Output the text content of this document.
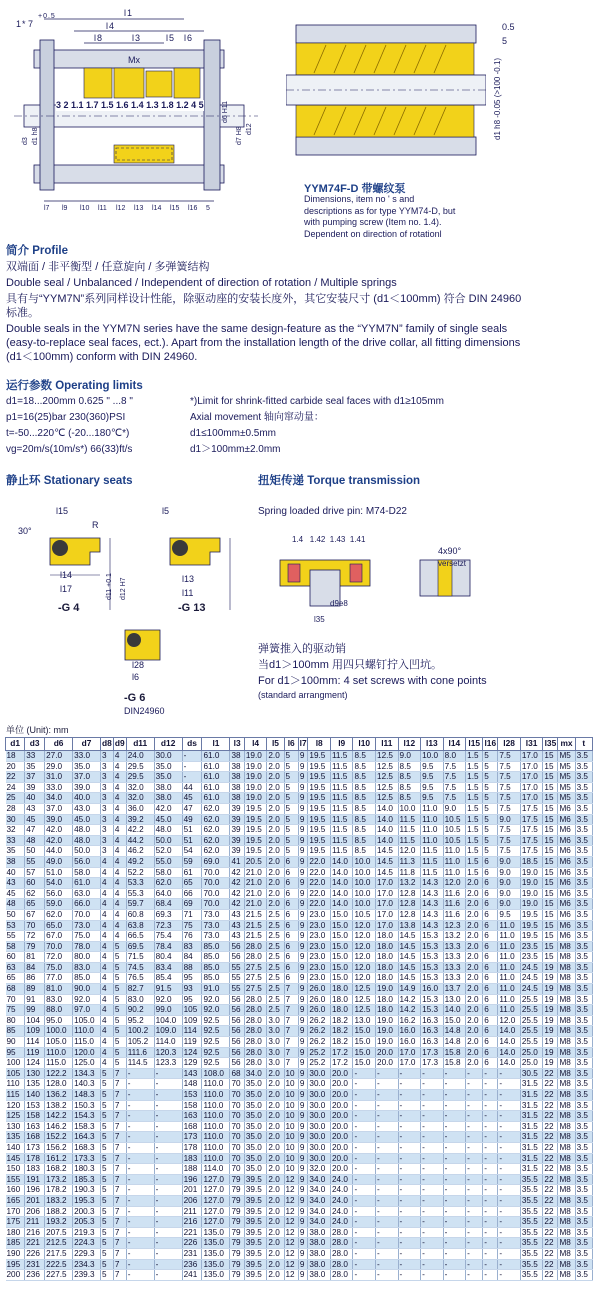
l1
7
+0.5
l4
l3
l8	l5 l6
1*
Mx
3 2 1.1 1.7 1.5 1.6 1.4 1.3 1.8 1.2 4 5	d6 H11
d3 d1 h8	d7 H8 d12
l7 l9 l10 l11 l12 l13 l14 l15 l16 5
0.5
5
d1 h8 -0.05 (>100 -0.1)
YYM74F-D 带螺纹泵
Dimensions, item no ' s and descriptions as for type YYM74-D, but with pumping screw (Item no. 1.4). Dependent on direction of rotationl
简介 Profile
双端面 / 非平衡型 / 任意旋向 / 多弹簧结构
Double seal / Unbalanced / Independent of direction of rotation / Multiple springs
具有与“YYM7N”系列同样设计性能，除驱动座的安装长度外，其它安装尺寸 (d1＜100mm) 符合 DIN 24960 标准。
Double seals in the YYM7N series have the same design-feature as the “YYM7N” family of single seals (easy-to-replace seal faces, ect.). Apart from the installation length of the drive collar, all fitting dimensions (d1＜100mm) conform with DIN 24960.
运行参数 Operating limits
d1=18...200mm 0.625 " ...8 "
p1=16(25)bar 230(360)PSI
t=-50...220℃ (-20...180℃*)
vg=20m/s(10m/s*) 66(33)ft/s
*)Limit for shrink-fitted carbide seal faces with d1≥105mm
Axial movement 轴向窜动量：
d1≤100mm±0.5mm
d1＞100mm±2.0mm
静止环 Stationary seats
l15
R
30°
l14
l17	d11 +0.1 d12 H7	l13
l11
l28
l6
l5
-G 4	-G 13
-G 6
DIN24960
扭矩传递 Torque transmission
Spring loaded drive pin: M74-D22
1.4   1.42  1.43  1.41
d9e8
l35
4x90°
versetzt
弹簧推入的驱动销
当d1＞100mm 用四只螺钉拧入凹坑。
For d1＞100mm: 4 set screws with cone points
(standard arrangment)
单位 (Unit): mm
d1	d3	d6	d7	d8	d9	d11	d12	ds	l1	l3	l4	l5	l6	l7	l8	l9	l10	l11	l12	l13	l14	l15	l16	l28	l31	l35	mx	t
18	33	27.0	33.0	3	4	24.0	30.0	-	61.0	38	19.0	2.0	5	9	19.5	11.5	8.5	12.5	9.0	10.0	8.0	1.5	5	7.5	17.0	15	M5	3.5
20	35	29.0	35.0	3	4	29.5	35.0	-	61.0	38	19.0	2.0	5	9	19.5	11.5	8.5	12.5	8.5	9.5	7.5	1.5	5	7.5	17.0	15	M5	3.5
22	37	31.0	37.0	3	4	29.5	35.0	-	61.0	38	19.0	2.0	5	9	19.5	11.5	8.5	12.5	8.5	9.5	7.5	1.5	5	7.5	17.0	15	M5	3.5
24	39	33.0	39.0	3	4	32.0	38.0	44	61.0	38	19.0	2.0	5	9	19.5	11.5	8.5	12.5	8.5	9.5	7.5	1.5	5	7.5	17.0	15	M5	3.5
25	40	34.0	40.0	3	4	32.0	38.0	45	61.0	38	19.0	2.0	5	9	19.5	11.5	8.5	12.5	8.5	9.5	7.5	1.5	5	7.5	17.0	15	M5	3.5
28	43	37.0	43.0	3	4	36.0	42.0	47	62.0	39	19.5	2.0	5	9	19.5	11.5	8.5	14.0	10.0	11.0	9.0	1.5	5	7.5	17.5	15	M6	3.5
30	45	39.0	45.0	3	4	39.2	45.0	49	62.0	39	19.5	2.0	5	9	19.5	11.5	8.5	14.0	11.5	11.0	10.5	1.5	5	9.0	17.5	15	M6	3.5
32	47	42.0	48.0	3	4	42.2	48.0	51	62.0	39	19.5	2.0	5	9	19.5	11.5	8.5	14.0	11.5	11.0	10.5	1.5	5	7.5	17.5	15	M6	3.5
33	48	42.0	48.0	3	4	44.2	50.0	51	62.0	39	19.5	2.0	5	9	19.5	11.5	8.5	14.0	11.5	11.0	10.5	1.5	5	7.5	17.5	15	M6	3.5
35	50	44.0	50.0	3	4	46.2	52.0	54	62.0	39	19.5	2.0	5	9	19.5	11.5	8.5	14.5	12.0	11.5	11.0	1.5	5	7.5	17.5	15	M6	3.5
38	55	49.0	56.0	4	4	49.2	55.0	59	69.0	41	20.5	2.0	6	9	22.0	14.0	10.0	14.5	11.3	11.5	11.0	1.5	6	9.0	18.5	15	M6	3.5
40	57	51.0	58.0	4	4	52.2	58.0	61	70.0	42	21.0	2.0	6	9	22.0	14.0	10.0	14.5	11.8	11.5	11.0	1.5	6	9.0	19.0	15	M6	3.5
43	60	54.0	61.0	4	4	53.3	62.0	65	70.0	42	21.0	2.0	6	9	22.0	14.0	10.0	17.0	13.2	14.3	12.0	2.0	6	9.0	19.0	15	M6	3.5
45	62	56.0	63.0	4	4	55.3	64.0	66	70.0	42	21.0	2.0	6	9	22.0	14.0	10.0	17.0	12.8	14.3	11.6	2.0	6	9.0	19.0	15	M6	3.5
48	65	59.0	66.0	4	4	59.7	68.4	69	70.0	42	21.0	2.0	6	9	22.0	14.0	10.0	17.0	12.8	14.3	11.6	2.0	6	9.0	19.0	15	M6	3.5
50	67	62.0	70.0	4	4	60.8	69.3	71	73.0	43	21.5	2.5	6	9	23.0	15.0	10.5	17.0	12.8	14.3	11.6	2.0	6	9.5	19.5	15	M6	3.5
53	70	65.0	73.0	4	4	63.8	72.3	75	73.0	43	21.5	2.5	6	9	23.0	15.0	12.0	17.0	13.8	14.3	12.3	2.0	6	11.0	19.5	15	M6	3.5
55	72	67.0	75.0	4	4	66.5	75.4	76	73.0	43	21.5	2.5	6	9	23.0	15.0	12.0	18.0	14.5	15.3	13.2	2.0	6	11.0	19.5	15	M6	3.5
58	79	70.0	78.0	4	5	69.5	78.4	83	85.0	56	28.0	2.5	6	9	23.0	15.0	12.0	18.0	14.5	15.3	13.3	2.0	6	11.0	23.5	15	M8	3.5
60	81	72.0	80.0	4	5	71.5	80.4	84	85.0	56	28.0	2.5	6	9	23.0	15.0	12.0	18.0	14.5	15.3	13.3	2.0	6	11.0	23.5	15	M8	3.5
63	84	75.0	83.0	4	5	74.5	83.4	88	85.0	55	27.5	2.5	6	9	23.0	15.0	12.0	18.0	14.5	15.3	13.3	2.0	6	11.0	24.5	19	M8	3.5
65	86	77.0	85.0	4	5	76.5	85.4	95	85.0	55	27.5	2.5	6	9	23.0	15.0	12.0	18.0	14.5	15.3	13.3	2.0	6	11.0	24.5	19	M8	3.5
68	89	81.0	90.0	4	5	82.7	91.5	93	91.0	55	27.5	2.5	7	9	26.0	18.0	12.5	19.0	14.9	16.0	13.7	2.0	6	11.0	24.5	19	M8	3.5
70	91	83.0	92.0	4	5	83.0	92.0	95	92.0	56	28.0	2.5	7	9	26.0	18.0	12.5	18.0	14.2	15.3	13.0	2.0	6	11.0	25.5	19	M8	3.5
75	99	88.0	97.0	4	5	90.2	99.0	105	92.0	56	28.0	2.5	7	9	26.0	18.0	12.5	18.0	14.2	15.3	14.0	2.0	6	11.0	25.5	19	M8	3.5
80	104	95.0	105.0	4	5	95.2	104.0	109	92.5	56	28.0	3.0	7	9	26.2	18.2	13.0	19.0	16.2	16.3	15.0	2.0	6	12.0	25.5	19	M8	3.5
85	109	100.0	110.0	4	5	100.2	109.0	114	92.5	56	28.0	3.0	7	9	26.2	18.2	15.0	19.0	16.0	16.3	14.8	2.0	6	14.0	25.5	19	M8	3.5
90	114	105.0	115.0	4	5	105.2	114.0	119	92.5	56	28.0	3.0	7	9	26.2	18.2	15.0	19.0	16.0	16.3	14.8	2.0	6	14.0	25.5	19	M8	3.5
95	119	110.0	120.0	4	5	111.6	120.3	124	92.5	56	28.0	3.0	7	9	25.2	17.2	15.0	20.0	17.0	17.3	15.8	2.0	6	14.0	25.0	19	M8	3.5
100	124	115.0	125.0	4	5	114.5	123.3	129	92.5	56	28.0	3.0	7	9	25.2	17.2	15.0	20.0	17.0	17.3	15.8	2.0	6	14.0	25.0	19	M8	3.5
105	130	122.2	134.3	5	7	-	-	143	108.0	68	34.0	2.0	10	9	30.0	20.0	-	-	-	-	-	-	-	-	30.5	22	M8	3.5
110	135	128.0	140.3	5	7	-	-	148	110.0	70	35.0	2.0	10	9	30.0	20.0	-	-	-	-	-	-	-	-	31.5	22	M8	3.5
115	140	136.2	148.3	5	7	-	-	153	110.0	70	35.0	2.0	10	9	30.0	20.0	-	-	-	-	-	-	-	-	31.5	22	M8	3.5
120	153	138.2	150.3	5	7	-	-	158	110.0	70	35.0	2.0	10	9	30.0	20.0	-	-	-	-	-	-	-	-	31.5	22	M8	3.5
125	158	142.2	154.3	5	7	-	-	163	110.0	70	35.0	2.0	10	9	30.0	20.0	-	-	-	-	-	-	-	-	31.5	22	M8	3.5
130	163	146.2	158.3	5	7	-	-	168	110.0	70	35.0	2.0	10	9	30.0	20.0	-	-	-	-	-	-	-	-	31.5	22	M8	3.5
135	168	152.2	164.3	5	7	-	-	173	110.0	70	35.0	2.0	10	9	30.0	20.0	-	-	-	-	-	-	-	-	31.5	22	M8	3.5
140	173	156.2	168.3	5	7	-	-	178	110.0	70	35.0	2.0	10	9	30.0	20.0	-	-	-	-	-	-	-	-	31.5	22	M8	3.5
145	178	161.2	173.3	5	7	-	-	183	110.0	70	35.0	2.0	10	9	30.0	20.0	-	-	-	-	-	-	-	-	31.5	22	M8	3.5
150	183	168.2	180.3	5	7	-	-	188	114.0	70	35.0	2.0	10	9	32.0	20.0	-	-	-	-	-	-	-	-	31.5	22	M8	3.5
155	191	173.2	185.3	5	7	-	-	196	127.0	79	39.5	2.0	12	9	34.0	24.0	-	-	-	-	-	-	-	-	35.5	22	M8	3.5
160	196	178.2	190.3	5	7	-	-	201	127.0	79	39.5	2.0	12	9	34.0	24.0	-	-	-	-	-	-	-	-	35.5	22	M8	3.5
165	201	183.2	195.3	5	7	-	-	206	127.0	79	39.5	2.0	12	9	34.0	24.0	-	-	-	-	-	-	-	-	35.5	22	M8	3.5
170	206	188.2	200.3	5	7	-	-	211	127.0	79	39.5	2.0	12	9	34.0	24.0	-	-	-	-	-	-	-	-	35.5	22	M8	3.5
175	211	193.2	205.3	5	7	-	-	216	127.0	79	39.5	2.0	12	9	34.0	24.0	-	-	-	-	-	-	-	-	35.5	22	M8	3.5
180	216	207.5	219.3	5	7	-	-	221	135.0	79	39.5	2.0	12	9	38.0	28.0	-	-	-	-	-	-	-	-	35.5	22	M8	3.5
185	221	212.5	224.3	5	7	-	-	226	135.0	79	39.5	2.0	12	9	38.0	28.0	-	-	-	-	-	-	-	-	35.5	22	M8	3.5
190	226	217.5	229.3	5	7	-	-	231	135.0	79	39.5	2.0	12	9	38.0	28.0	-	-	-	-	-	-	-	-	35.5	22	M8	3.5
195	231	222.5	234.3	5	7	-	-	236	135.0	79	39.5	2.0	12	9	38.0	28.0	-	-	-	-	-	-	-	-	35.5	22	M8	3.5
200	236	227.5	239.3	5	7	-	-	241	135.0	79	39.5	2.0	12	9	38.0	28.0	-	-	-	-	-	-	-	-	35.5	22	M8	3.5
